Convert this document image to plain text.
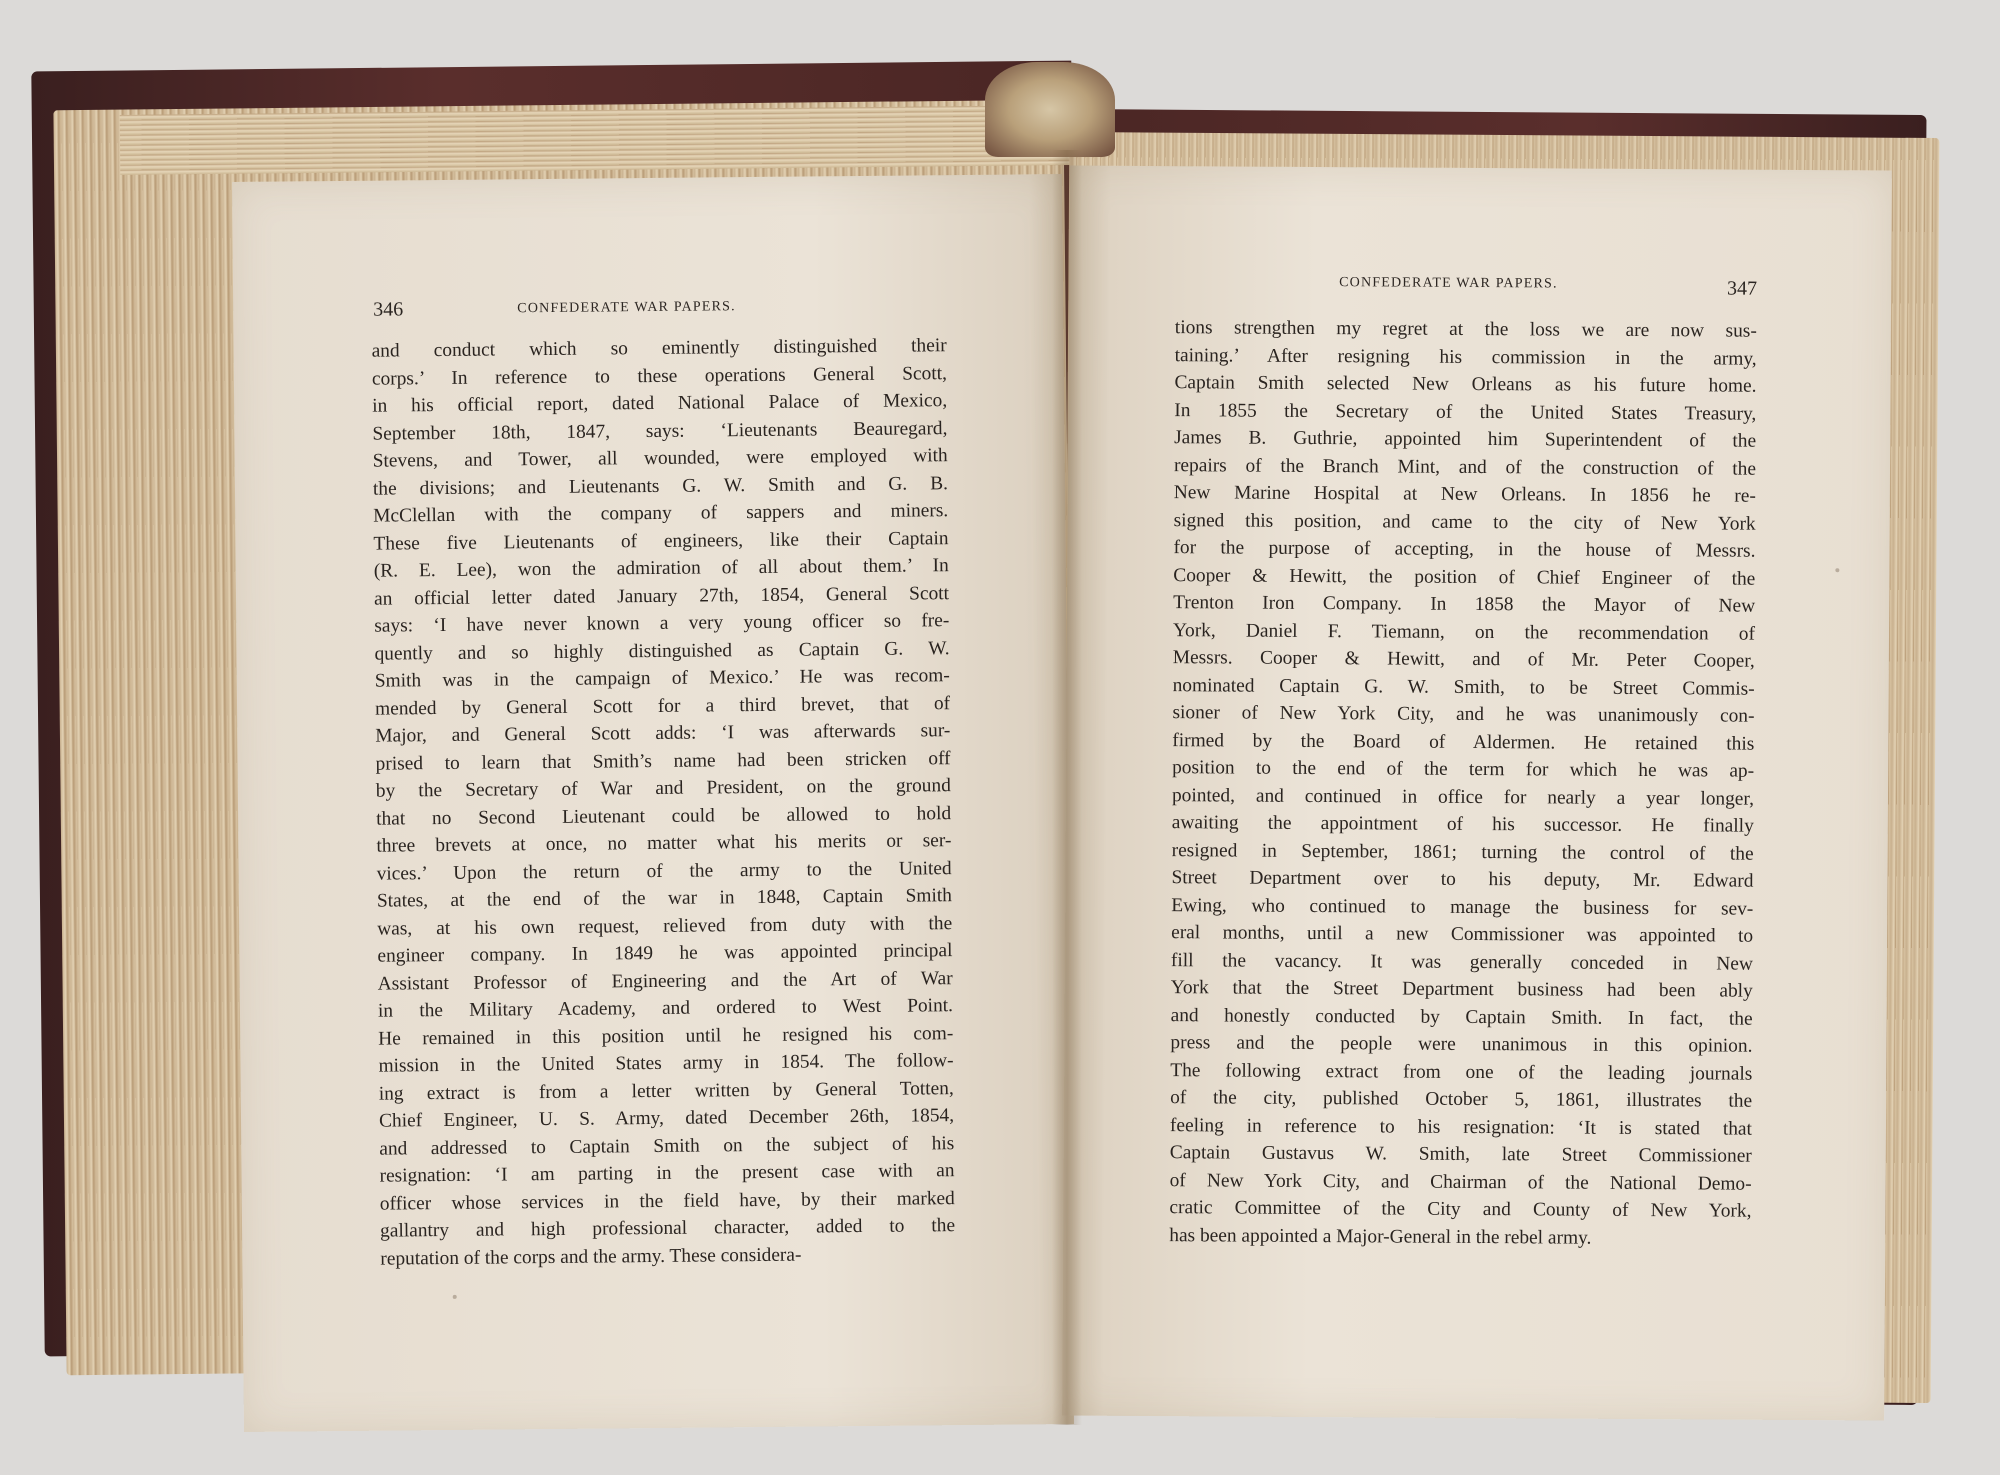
346	CONFEDERATE WAR PAPERS.
and conduct which so eminently distinguished their
corps.’ In reference to these operations General Scott,
in his official report, dated National Palace of Mexico,
September 18th, 1847, says: ‘Lieutenants Beauregard,
Stevens, and Tower, all wounded, were employed with
the divisions; and Lieutenants G. W. Smith and G. B.
McClellan with the company of sappers and miners.
These five Lieutenants of engineers, like their Captain
(R. E. Lee), won the admiration of all about them.’ In
an official letter dated January 27th, 1854, General Scott
says: ‘I have never known a very young officer so fre-
quently and so highly distinguished as Captain G. W.
Smith was in the campaign of Mexico.’ He was recom-
mended by General Scott for a third brevet, that of
Major, and General Scott adds: ‘I was afterwards sur-
prised to learn that Smith’s name had been stricken off
by the Secretary of War and President, on the ground
that no Second Lieutenant could be allowed to hold
three brevets at once, no matter what his merits or ser-
vices.’ Upon the return of the army to the United
States, at the end of the war in 1848, Captain Smith
was, at his own request, relieved from duty with the
engineer company. In 1849 he was appointed principal
Assistant Professor of Engineering and the Art of War
in the Military Academy, and ordered to West Point.
He remained in this position until he resigned his com-
mission in the United States army in 1854. The follow-
ing extract is from a letter written by General Totten,
Chief Engineer, U. S. Army, dated December 26th, 1854,
and addressed to Captain Smith on the subject of his
resignation: ‘I am parting in the present case with an
officer whose services in the field have, by their marked
gallantry and high professional character, added to the
reputation of the corps and the army. These considera-
CONFEDERATE WAR PAPERS.	347
tions strengthen my regret at the loss we are now sus-
taining.’ After resigning his commission in the army,
Captain Smith selected New Orleans as his future home.
In 1855 the Secretary of the United States Treasury,
James B. Guthrie, appointed him Superintendent of the
repairs of the Branch Mint, and of the construction of the
New Marine Hospital at New Orleans. In 1856 he re-
signed this position, and came to the city of New York
for the purpose of accepting, in the house of Messrs.
Cooper & Hewitt, the position of Chief Engineer of the
Trenton Iron Company. In 1858 the Mayor of New
York, Daniel F. Tiemann, on the recommendation of
Messrs. Cooper & Hewitt, and of Mr. Peter Cooper,
nominated Captain G. W. Smith, to be Street Commis-
sioner of New York City, and he was unanimously con-
firmed by the Board of Aldermen. He retained this
position to the end of the term for which he was ap-
pointed, and continued in office for nearly a year longer,
awaiting the appointment of his successor. He finally
resigned in September, 1861; turning the control of the
Street Department over to his deputy, Mr. Edward
Ewing, who continued to manage the business for sev-
eral months, until a new Commissioner was appointed to
fill the vacancy. It was generally conceded in New
York that the Street Department business had been ably
and honestly conducted by Captain Smith. In fact, the
press and the people were unanimous in this opinion.
The following extract from one of the leading journals
of the city, published October 5, 1861, illustrates the
feeling in reference to his resignation: ‘It is stated that
Captain Gustavus W. Smith, late Street Commissioner
of New York City, and Chairman of the National Demo-
cratic Committee of the City and County of New York,
has been appointed a Major-General in the rebel army.
